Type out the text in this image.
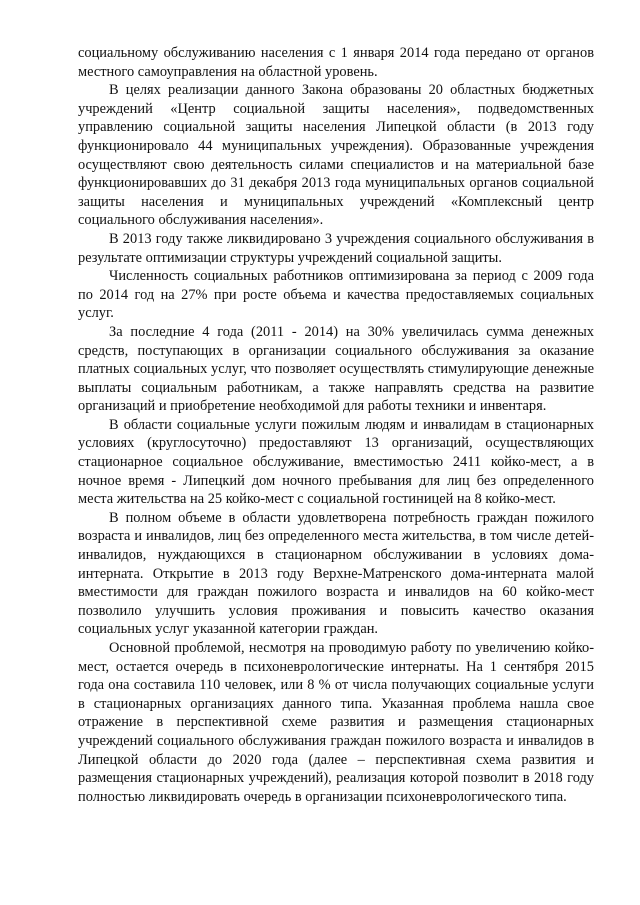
социальному обслуживанию населения с 1 января 2014 года передано от органов местного самоуправления на областной уровень.

В целях реализации данного Закона образованы 20 областных бюджетных учреждений «Центр социальной защиты населения», подведомственных управлению социальной защиты населения Липецкой области (в 2013 году функционировало 44 муниципальных учреждения). Образованные учреждения осуществляют свою деятельность силами специалистов и на материальной базе функционировавших до 31 декабря 2013 года муниципальных органов социальной защиты населения и муниципальных учреждений «Комплексный центр социального обслуживания населения».

В 2013 году также ликвидировано 3 учреждения социального обслуживания в результате оптимизации структуры учреждений социальной защиты.

Численность социальных работников оптимизирована за период с 2009 года по 2014 год на 27% при росте объема и качества предоставляемых социальных услуг.

За последние 4 года (2011 - 2014) на 30% увеличилась сумма денежных средств, поступающих в организации социального обслуживания за оказание платных социальных услуг, что позволяет осуществлять стимулирующие денежные выплаты социальным работникам, а также направлять средства на развитие организаций и приобретение необходимой для работы техники и инвентаря.

В области социальные услуги пожилым людям и инвалидам в стационарных условиях (круглосуточно) предоставляют 13 организаций, осуществляющих стационарное социальное обслуживание, вместимостью 2411 койко-мест, а в ночное время - Липецкий дом ночного пребывания для лиц без определенного места жительства на 25 койко-мест с социальной гостиницей на 8 койко-мест.

В полном объеме в области удовлетворена потребность граждан пожилого возраста и инвалидов, лиц без определенного места жительства, в том числе детей-инвалидов, нуждающихся в стационарном обслуживании в условиях дома-интерната. Открытие в 2013 году Верхне-Матренского дома-интерната малой вместимости для граждан пожилого возраста и инвалидов на 60 койко-мест позволило улучшить условия проживания и повысить качество оказания социальных услуг указанной категории граждан.

Основной проблемой, несмотря на проводимую работу по увеличению койко-мест, остается очередь в психоневрологические интернаты. На 1 сентября 2015 года она составила 110 человек, или 8 % от числа получающих социальные услуги в стационарных организациях данного типа. Указанная проблема нашла свое отражение в перспективной схеме развития и размещения стационарных учреждений социального обслуживания граждан пожилого возраста и инвалидов в Липецкой области до 2020 года (далее – перспективная схема развития и размещения стационарных учреждений), реализация которой позволит в 2018 году полностью ликвидировать очередь в организации психоневрологического типа.
